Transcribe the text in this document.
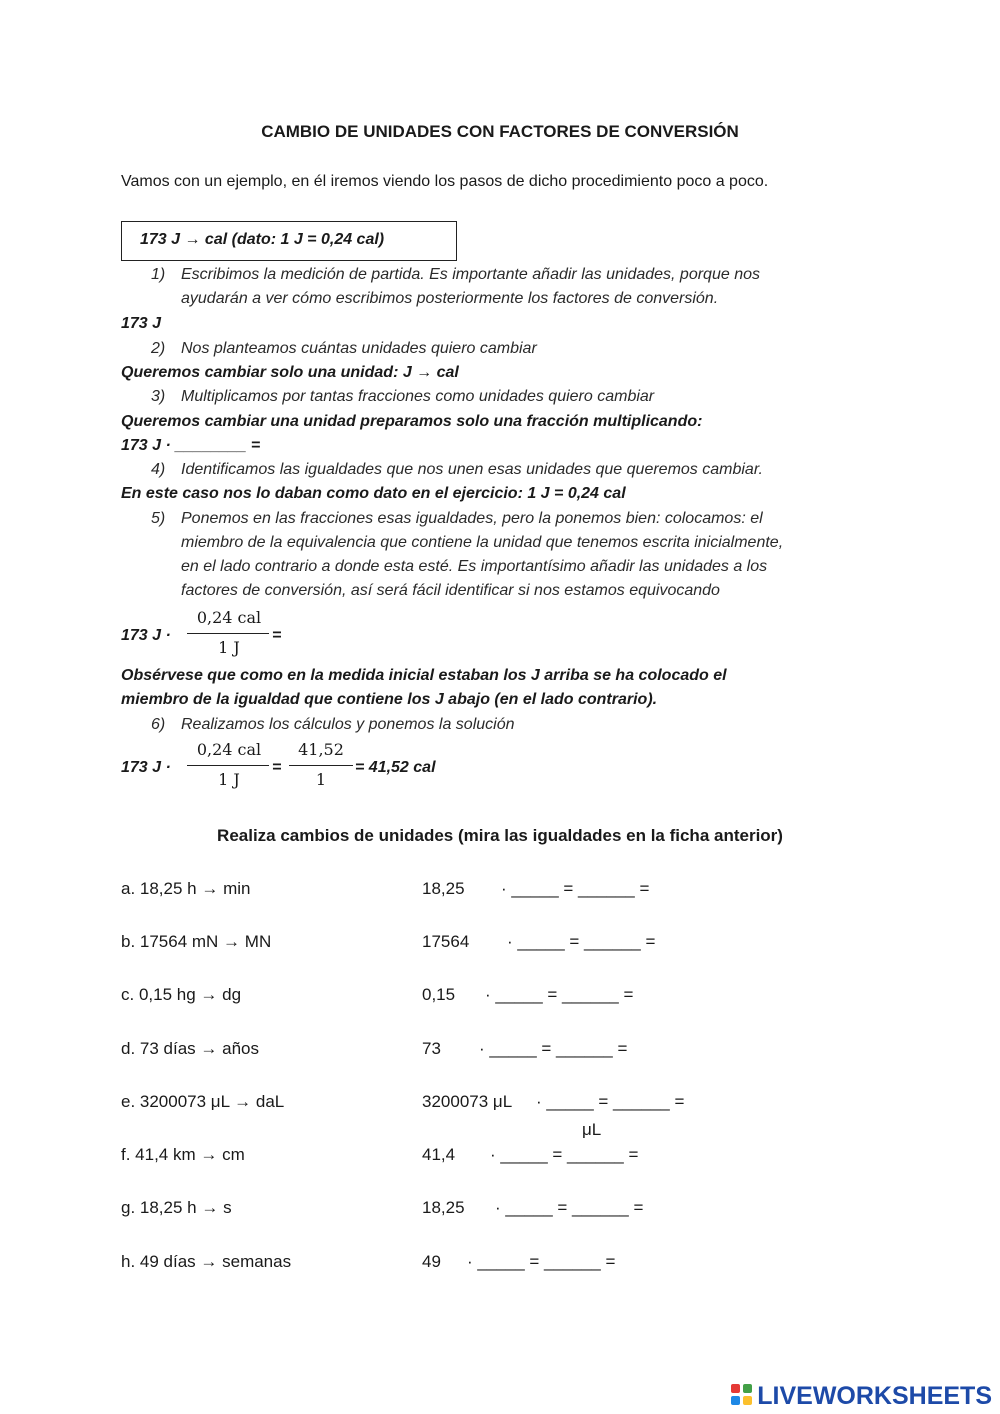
CAMBIO DE UNIDADES CON FACTORES DE CONVERSIÓN
Vamos con un ejemplo, en él iremos viendo los pasos de dicho procedimiento poco a poco.
173 J → cal (dato: 1 J = 0,24 cal)
1) Escribimos la medición de partida. Es importante añadir las unidades, porque nos
ayudarán a ver cómo escribimos posteriormente los factores de conversión.
173 J
2) Nos planteamos cuántas unidades quiero cambiar
Queremos cambiar solo una unidad: J → cal
3) Multiplicamos por tantas fracciones como unidades quiero cambiar
Queremos cambiar una unidad preparamos solo una fracción multiplicando:
173 J · ________ =
4) Identificamos las igualdades que nos unen esas unidades que queremos cambiar.
En este caso nos lo daban como dato en el ejercicio: 1 J = 0,24 cal
5) Ponemos en las fracciones esas igualdades, pero la ponemos bien: colocamos: el
miembro de la equivalencia que contiene la unidad que tenemos escrita inicialmente,
en el lado contrario a donde esta esté. Es importantísimo añadir las unidades a los
factores de conversión, así será fácil identificar si nos estamos equivocando
173 J ·
0,24 cal
1 J
=
Obsérvese que como en la medida inicial estaban los J arriba se ha colocado el
miembro de la igualdad que contiene los J abajo (en el lado contrario).
6) Realizamos los cálculos y ponemos la solución
173 J ·
0,24 cal
1 J
=
41,52
1
= 41,52 cal
Realiza cambios de unidades (mira las igualdades en la ficha anterior)
a. 18,25 h → min	18,25 · _____ = ______ =
b. 17564 mN → MN	17564 · _____ = ______ =
c. 0,15 hg → dg	0,15 · _____ = ______ =
d. 73 días → años	73 · _____ = ______ =
e. 3200073 μL → daL	3200073 μL · _____ = ______ =
μL
f. 41,4 km → cm	41,4 · _____ = ______ =
g. 18,25 h → s	18,25 · _____ = ______ =
h. 49 días → semanas	49 · _____ = ______ =
LIVEWORKSHEETS
